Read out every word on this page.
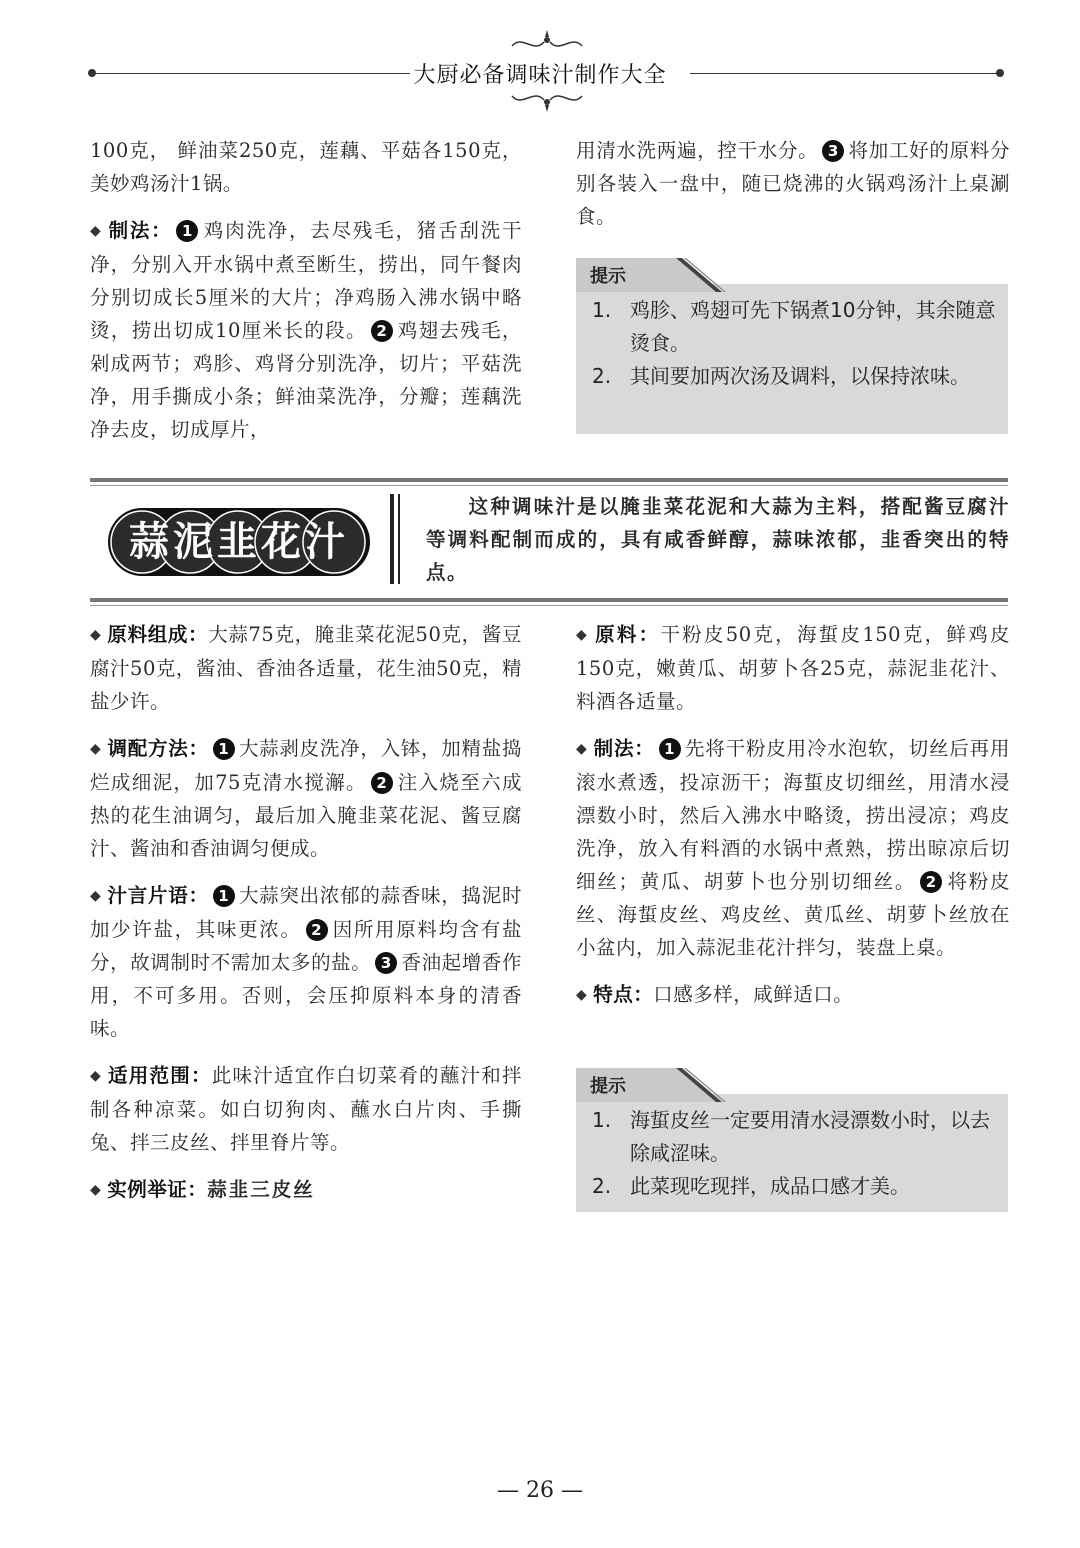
大厨必备调味汁制作大全

100克， 鲜油菜250克，莲藕、平菇各150克，美妙鸡汤汁1锅。

◆ 制法： 1 鸡肉洗净，去尽残毛，猪舌刮洗干净，分别入开水锅中煮至断生，捞出，同午餐肉分别切成长5厘米的大片；净鸡肠入沸水锅中略烫，捞出切成10厘米长的段。 2 鸡翅去残毛，剁成两节；鸡胗、鸡肾分别洗净，切片；平菇洗净，用手撕成小条；鲜油菜洗净，分瓣；莲藕洗净去皮，切成厚片，

用清水洗两遍，控干水分。 3 将加工好的原料分别各装入一盘中，随已烧沸的火锅鸡汤汁上桌涮食。

提示
1. 鸡胗、鸡翅可先下锅煮10分钟，其余随意烫食。
2. 其间要加两次汤及调料，以保持浓味。
蒜泥韭花汁
这种调味汁是以腌韭菜花泥和大蒜为主料，搭配酱豆腐汁等调料配制而成的，具有咸香鲜醇，蒜味浓郁，韭香突出的特点。

◆ 原料组成：大蒜75克，腌韭菜花泥50克，酱豆腐汁50克，酱油、香油各适量，花生油50克，精盐少许。

◆ 调配方法： 1 大蒜剥皮洗净，入钵，加精盐捣烂成细泥，加75克清水搅澥。 2 注入烧至六成热的花生油调匀，最后加入腌韭菜花泥、酱豆腐汁、酱油和香油调匀便成。

◆ 汁言片语： 1 大蒜突出浓郁的蒜香味，捣泥时加少许盐，其味更浓。 2 因所用原料均含有盐分，故调制时不需加太多的盐。 3 香油起增香作用，不可多用。否则，会压抑原料本身的清香味。

◆ 适用范围：此味汁适宜作白切菜肴的蘸汁和拌制各种凉菜。如白切狗肉、蘸水白片肉、手撕兔、拌三皮丝、拌里脊片等。

◆ 实例举证：蒜韭三皮丝

◆ 原料：干粉皮50克，海蜇皮150克，鲜鸡皮150克，嫩黄瓜、胡萝卜各25克，蒜泥韭花汁、料酒各适量。

◆ 制法： 1 先将干粉皮用冷水泡软，切丝后再用滚水煮透，投凉沥干；海蜇皮切细丝，用清水浸漂数小时，然后入沸水中略烫，捞出浸凉；鸡皮洗净，放入有料酒的水锅中煮熟，捞出晾凉后切细丝；黄瓜、胡萝卜也分别切细丝。 2 将粉皮丝、海蜇皮丝、鸡皮丝、黄瓜丝、胡萝卜丝放在小盆内，加入蒜泥韭花汁拌匀，装盘上桌。

◆ 特点：口感多样，咸鲜适口。

提示
1. 海蜇皮丝一定要用清水浸漂数小时，以去除咸涩味。
2. 此菜现吃现拌，成品口感才美。
— 26 —
